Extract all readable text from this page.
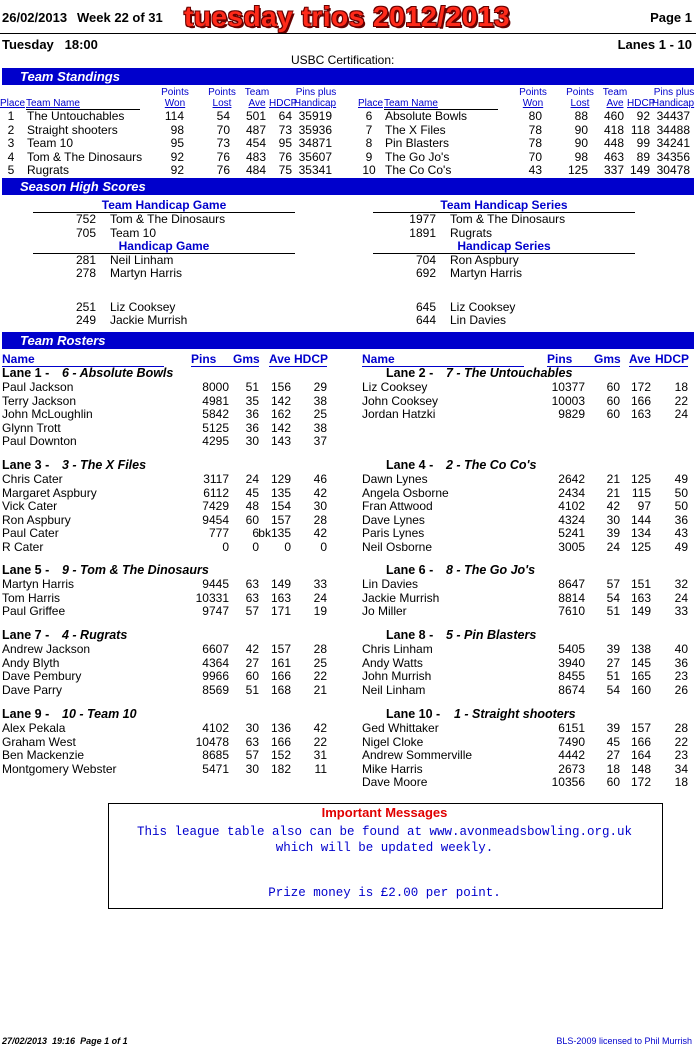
26/02/2013 Week 22 of 31 tuesday trios 2012/2013	Page 1
Tuesday   18:00	Lanes 1 - 10
USBC Certification:
Team Standings
Place Team Name
Points
Won
Points
Lost
Team
Ave HDCP
Pins plus
Handicap
1	The Untouchables	114	54 501	64 35919
2	Straight shooters	98	70 487	73 35936
3	Team 10	95	73 454	95 34871
4	Tom & The Dinosaurs	92	76 483	76 35607
5	Rugrats	92	76 484	75 35341
Place Team Name
Points
Won
Points
Lost
Team
Ave HDCP
Pins plus
Handicap
6	Absolute Bowls	80	88 460	92 34437
7	The X Files	78	90 418 118 34488
8	Pin Blasters	78	90 448	99 34241
9	The Go Jo's	70	98 463	89 34356
10 The Co Co's	43	125 337 149 30478
Season High Scores
Team Handicap Game
752 Tom & The Dinosaurs
705 Team 10
Team Handicap Series
1977 Tom & The Dinosaurs
1891 Rugrats
Handicap Game
281 Neil Linham
278 Martyn Harris
251 Liz Cooksey
249 Jackie Murrish
Handicap Series
704 Ron Aspbury
692 Martyn Harris
645 Liz Cooksey
644 Lin Davies
Team Rosters
Name	Pins Gms Ave HDCP	Name	Pins Gms Ave HDCP
Lane 1 - 6 - Absolute Bowls
Paul Jackson	8000	51 156	29
Terry Jackson	4981	35 142	38
John McLoughlin	5842	36 162	25
Glynn Trott	5125	36 142	38
Paul Downton	4295	30 143	37
Lane 2 - 7 - The Untouchables
Liz Cooksey	10377	60 172	18
John Cooksey	10003	60 166	22
Jordan Hatzki	9829	60 163	24
Lane 3 - 3 - The X Files
Chris Cater	3117	24 129	46
Margaret Aspbury	6112	45 135	42
Vick Cater	7429	48 154	30
Ron Aspbury	9454	60 157	28
Paul Cater	777	6 bk135	42
R Cater	0	0	0	0
Lane 4 - 2 - The Co Co's
Dawn Lynes	2642	21 125	49
Angela Osborne	2434	21 115	50
Fran Attwood	4102	42	97	50
Dave Lynes	4324	30 144	36
Paris Lynes	5241	39 134	43
Neil Osborne	3005	24 125	49
Lane 5 - 9 - Tom & The Dinosaurs
Martyn Harris	9445	63 149	33
Tom Harris	10331	63 163	24
Paul Griffee	9747	57 171	19
Lane 6 - 8 - The Go Jo's
Lin Davies	8647	57 151	32
Jackie Murrish	8814	54 163	24
Jo Miller	7610	51 149	33
Lane 7 - 4 - Rugrats
Andrew Jackson	6607	42 157	28
Andy Blyth	4364	27 161	25
Dave Pembury	9966	60 166	22
Dave Parry	8569	51 168	21
Lane 8 - 5 - Pin Blasters
Chris Linham	5405	39 138	40
Andy Watts	3940	27 145	36
John Murrish	8455	51 165	23
Neil Linham	8674	54 160	26
Lane 9 - 10 - Team 10
Alex Pekala	4102	30 136	42
Graham West	10478	63 166	22
Ben Mackenzie	8685	57 152	31
Montgomery Webster	5471	30 182	11
Lane 10 - 1 - Straight shooters
Ged Whittaker	6151	39 157	28
Nigel Cloke	7490	45 166	22
Andrew Sommerville	4442	27 164	23
Mike Harris	2673	18 148	34
Dave Moore	10356	60 172	18
Important Messages
This league table also can be found at www.avonmeadsbowling.org.uk
which will be updated weekly.
Prize money is £2.00 per point.
27/02/2013  19:16  Page 1 of 1	BLS-2009 licensed to Phil Murrish
